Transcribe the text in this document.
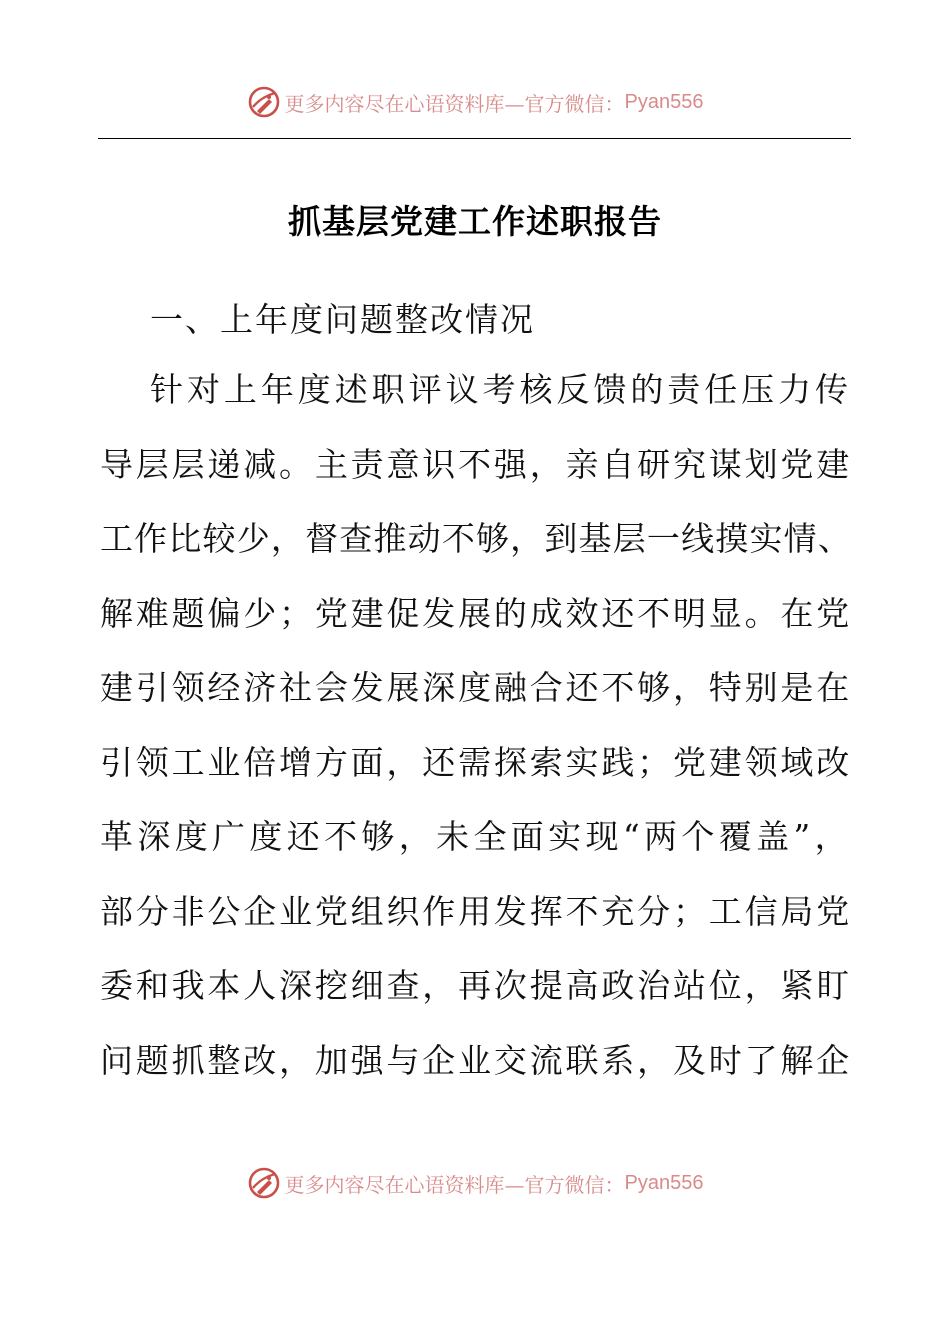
更多内容尽在心语资料库—官方微信： Pyan556
抓基层党建工作述职报告
一、上年度问题整改情况
针对上年度述职评议考核反馈的责任压力传
导层层递减。主责意识不强，亲自研究谋划党建
工作比较少，督查推动不够，到基层一线摸实情、
解难题偏少；党建促发展的成效还不明显。在党
建引领经济社会发展深度融合还不够，特别是在
引领工业倍增方面，还需探索实践；党建领域改
革深度广度还不够，未全面实现“两个覆盖”，
部分非公企业党组织作用发挥不充分；工信局党
委和我本人深挖细查，再次提高政治站位，紧盯
问题抓整改，加强与企业交流联系，及时了解企
更多内容尽在心语资料库—官方微信： Pyan556
